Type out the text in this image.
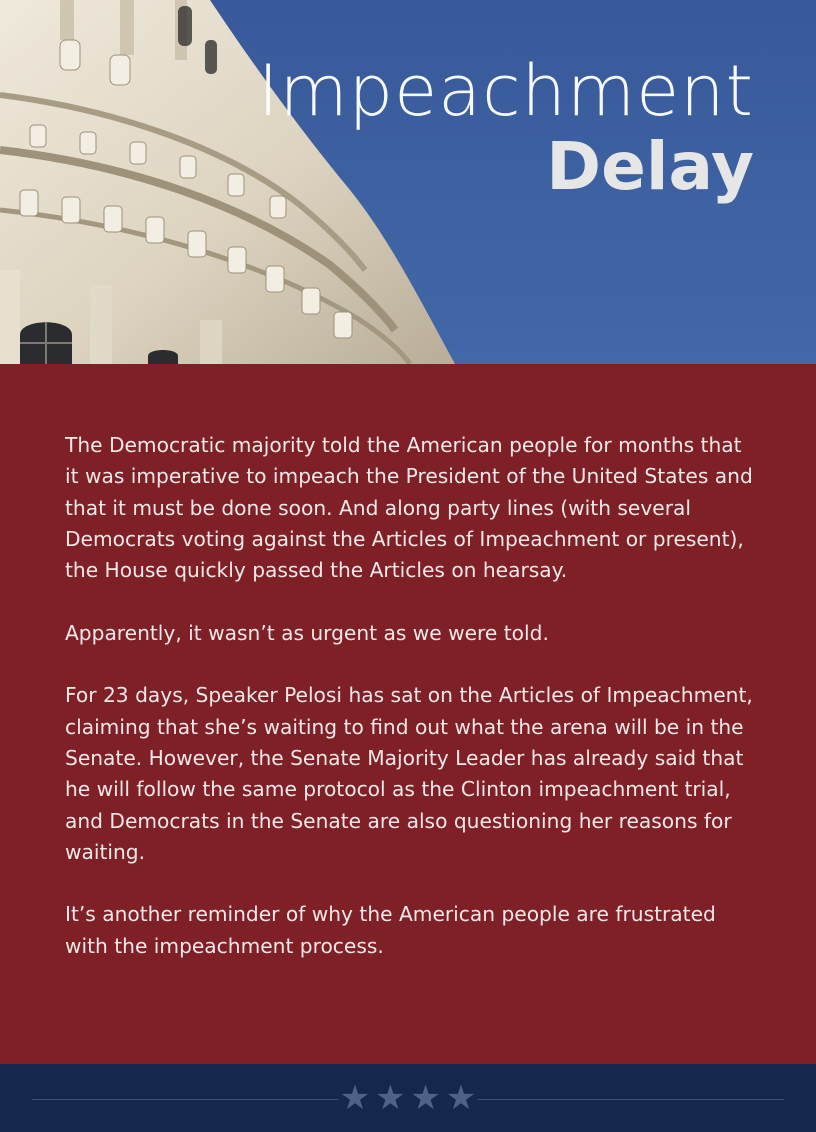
Impeachment
Delay

The Democratic majority told the American people for months that it was imperative to impeach the President of the United States and that it must be done soon. And along party lines (with several Democrats voting against the Articles of Impeachment or present), the House quickly passed the Articles on hearsay.

Apparently, it wasn’t as urgent as we were told.

For 23 days, Speaker Pelosi has sat on the Articles of Impeachment, claiming that she’s waiting to find out what the arena will be in the Senate. However, the Senate Majority Leader has already said that he will follow the same protocol as the Clinton impeachment trial, and Democrats in the Senate are also questioning her reasons for waiting.

It’s another reminder of why the American people are frustrated with the impeachment process.

★ ★ ★ ★
